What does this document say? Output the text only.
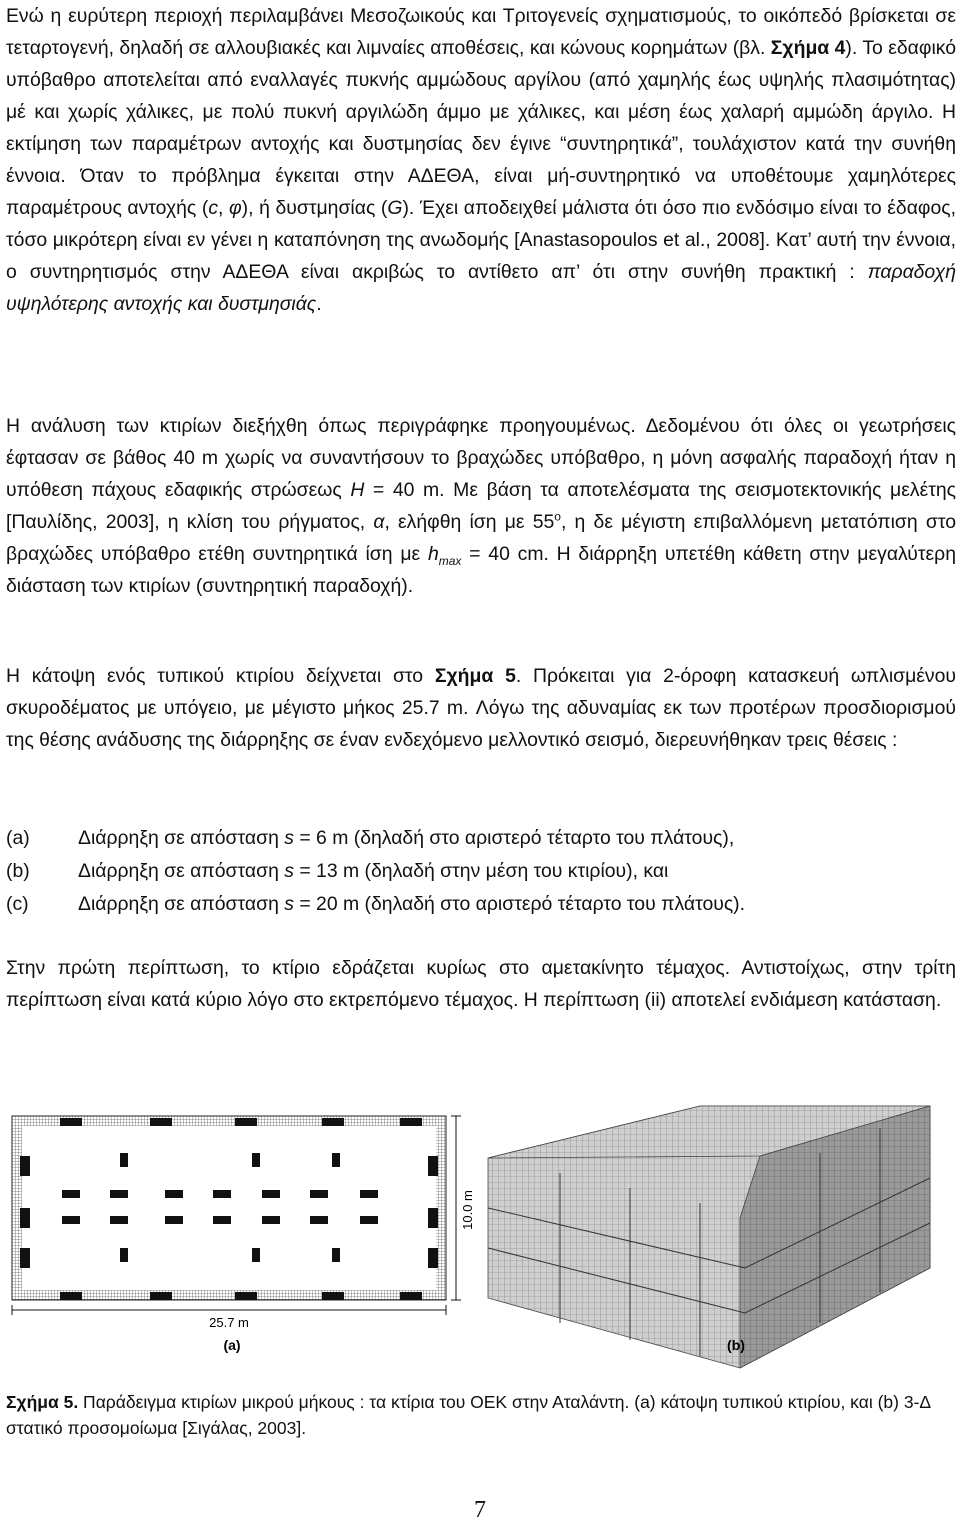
Ενώ η ευρύτερη περιοχή περιλαμβάνει Μεσοζωικούς και Τριτογενείς σχηματισμούς, το οικόπεδό βρίσκεται σε τεταρτογενή, δηλαδή σε αλλουβιακές και λιμναίες αποθέσεις, και κώνους κορημάτων (βλ. Σχήμα 4). Το εδαφικό υπόβαθρο αποτελείται από εναλλαγές πυκνής αμμώδους αργίλου (από χαμηλής έως υψηλής πλασιμότητας) μέ και χωρίς χάλικες, με πολύ πυκνή αργιλώδη άμμο με χάλικες, και μέση έως χαλαρή αμμώδη άργιλο. Η εκτίμηση των παραμέτρων αντοχής και δυστμησίας δεν έγινε “συντηρητικά”, τουλάχιστον κατά την συνήθη έννοια. Όταν το πρόβλημα έγκειται στην ΑΔΕΘΑ, είναι μή-συντηρητικό να υποθέτουμε χαμηλότερες παραμέτρους αντοχής (c, φ), ή δυστμησίας (G). Έχει αποδειχθεί μάλιστα ότι όσο πιο ενδόσιμο είναι το έδαφος, τόσο μικρότερη είναι εν γένει η καταπόνηση της ανωδομής [Anastasopoulos et al., 2008]. Κατ’ αυτή την έννοια, ο συντηρητισμός στην ΑΔΕΘΑ είναι ακριβώς το αντίθετο απ’ ότι στην συνήθη πρακτική : παραδοχή υψηλότερης αντοχής και δυστμησιάς.

Η ανάλυση των κτιρίων διεξήχθη όπως περιγράφηκε προηγουμένως. Δεδομένου ότι όλες οι γεωτρήσεις έφτασαν σε βάθος 40 m χωρίς να συναντήσουν το βραχώδες υπόβαθρο, η μόνη ασφαλής παραδοχή ήταν η υπόθεση πάχους εδαφικής στρώσεως H = 40 m. Με βάση τα αποτελέσματα της σεισμοτεκτονικής μελέτης [Παυλίδης, 2003], η κλίση του ρήγματος, α, ελήφθη ίση με $55^o$, η δε μέγιστη επιβαλλόμενη μετατόπιση στο βραχώδες υπόβαθρο ετέθη συντηρητικά ίση με $h_{max} = 40$ cm. Η διάρρηξη υπετέθη κάθετη στην μεγαλύτερη διάσταση των κτιρίων (συντηρητική παραδοχή).

Η κάτοψη ενός τυπικού κτιρίου δείχνεται στο Σχήμα 5. Πρόκειται για 2-όροφη κατασκευή ωπλισμένου σκυροδέματος με υπόγειο, με μέγιστο μήκος 25.7 m. Λόγω της αδυναμίας εκ των προτέρων προσδιορισμού της θέσης ανάδυσης της διάρρηξης σε έναν ενδεχόμενο μελλοντικό σεισμό, διερευνήθηκαν τρεις θέσεις :

(a)	Διάρρηξη σε απόσταση s = 6 m (δηλαδή στο αριστερό τέταρτο του πλάτους),
(b)	Διάρρηξη σε απόσταση s = 13 m (δηλαδή στην μέση του κτιρίου), και
(c)	Διάρρηξη σε απόσταση s = 20 m (δηλαδή στο αριστερό τέταρτο του πλάτους).

Στην πρώτη περίπτωση, το κτίριο εδράζεται κυρίως στο αμετακίνητο τέμαχος. Αντιστοίχως, στην τρίτη περίπτωση είναι κατά κύριο λόγο στο εκτρεπόμενο τέμαχος. Η περίπτωση (ii) αποτελεί ενδιάμεση κατάσταση.

25.7 m
10.0 m
(a)	(b)
Σχήμα 5. Παράδειγμα κτιρίων μικρού μήκους : τα κτίρια του ΟΕΚ στην Αταλάντη. (a) κάτοψη τυπικού κτιρίου, και (b) 3-Δ στατικό προσομοίωμα [Σιγάλας, 2003].
7
